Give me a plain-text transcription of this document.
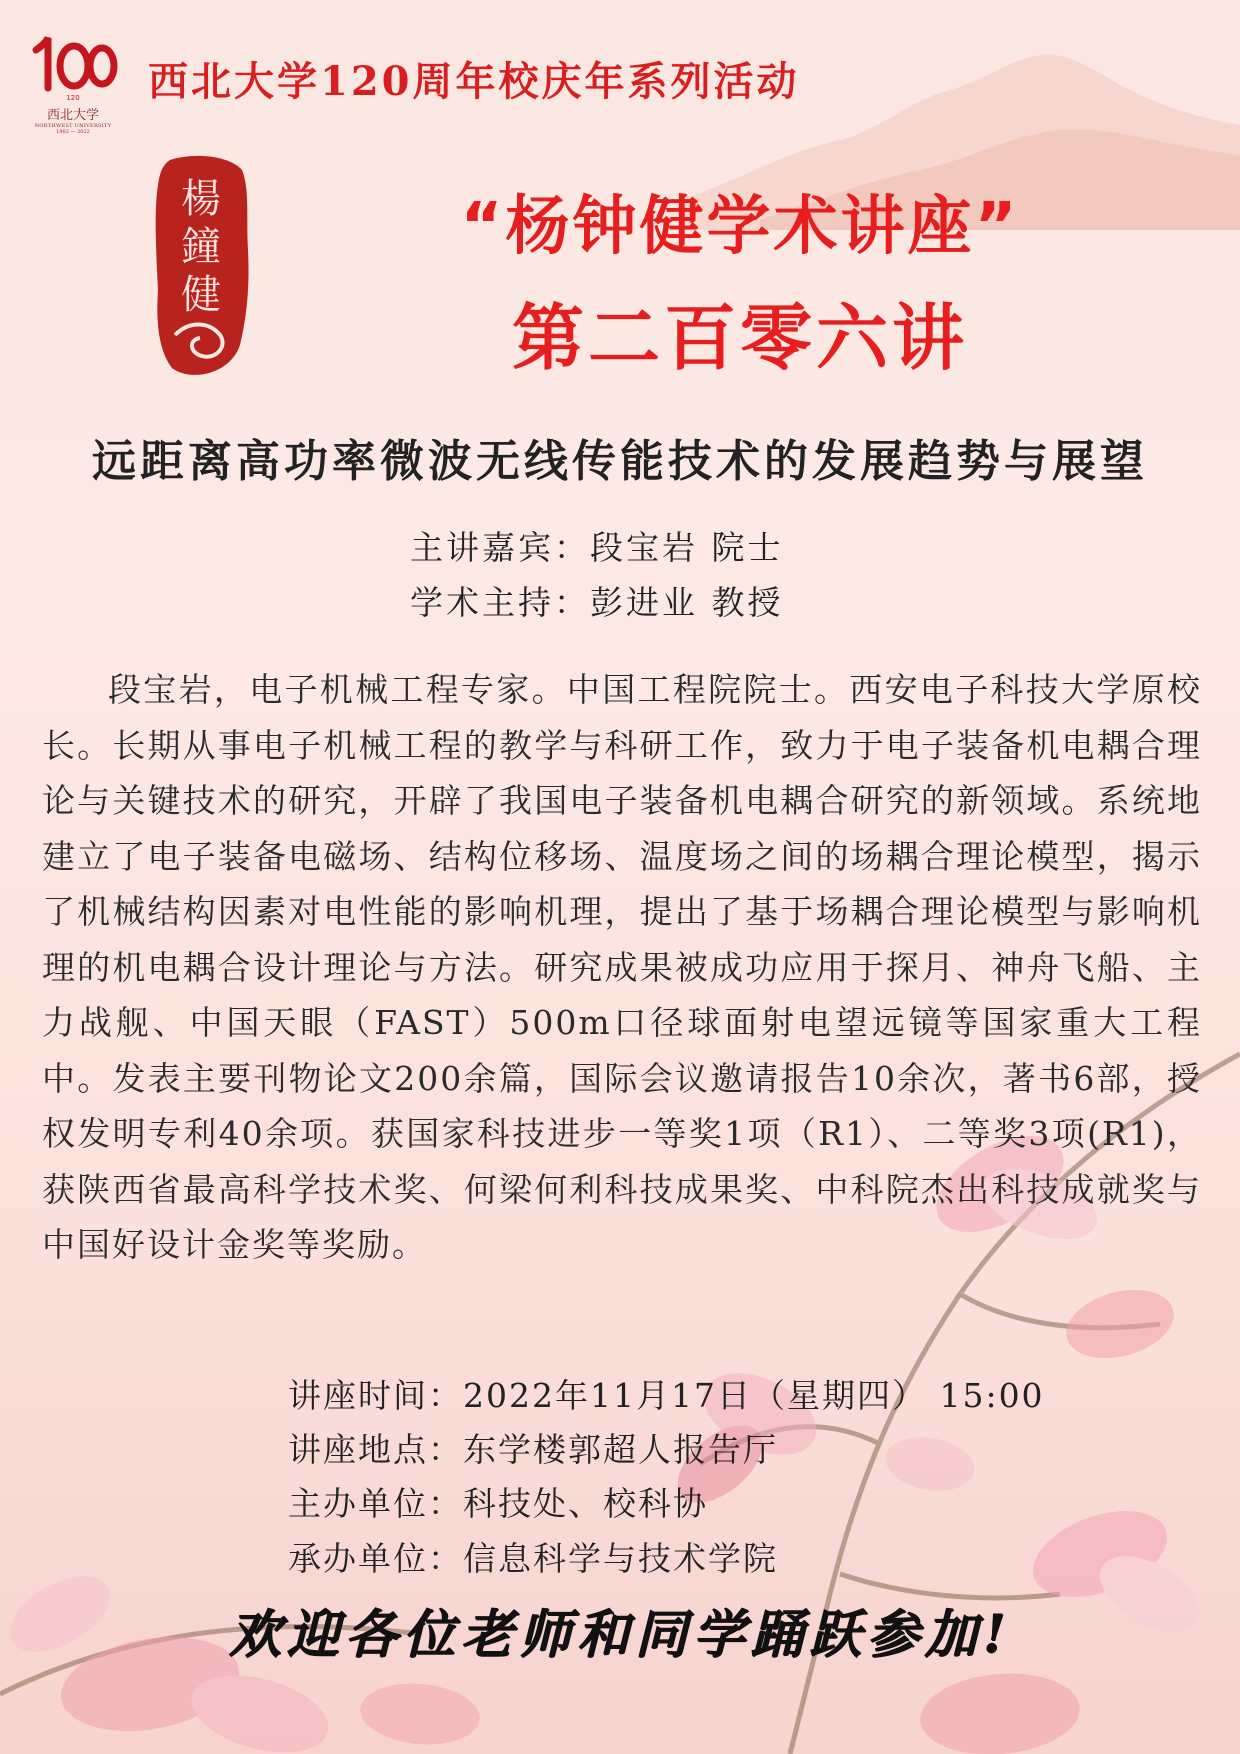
120
西北大学
NORTHWEST UNIVERSITY
1902 — 2022
西北大学120周年校庆年系列活动
楊
鐘
健
“杨钟健学术讲座”
第二百零六讲
远距离高功率微波无线传能技术的发展趋势与展望
主讲嘉宾：段宝岩 院士
学术主持：彭进业 教授
段宝岩，电子机械工程专家。中国工程院院士。西安电子科技大学原校长。长期从事电子机械工程的教学与科研工作，致力于电子装备机电耦合理论与关键技术的研究，开辟了我国电子装备机电耦合研究的新领域。系统地建立了电子装备电磁场、结构位移场、温度场之间的场耦合理论模型，揭示了机械结构因素对电性能的影响机理，提出了基于场耦合理论模型与影响机理的机电耦合设计理论与方法。研究成果被成功应用于探月、神舟飞船、主力战舰、中国天眼（FAST）500m口径球面射电望远镜等国家重大工程中。发表主要刊物论文200余篇，国际会议邀请报告10余次，著书6部，授权发明专利40余项。获国家科技进步一等奖1项（R1）、二等奖3项(R1)，获陕西省最高科学技术奖、何梁何利科技成果奖、中科院杰出科技成就奖与中国好设计金奖等奖励。
讲座时间：2022年11月17日（星期四） 15:00
讲座地点：东学楼郭超人报告厅
主办单位：科技处、校科协
承办单位：信息科学与技术学院
欢迎各位老师和同学踊跃参加!
